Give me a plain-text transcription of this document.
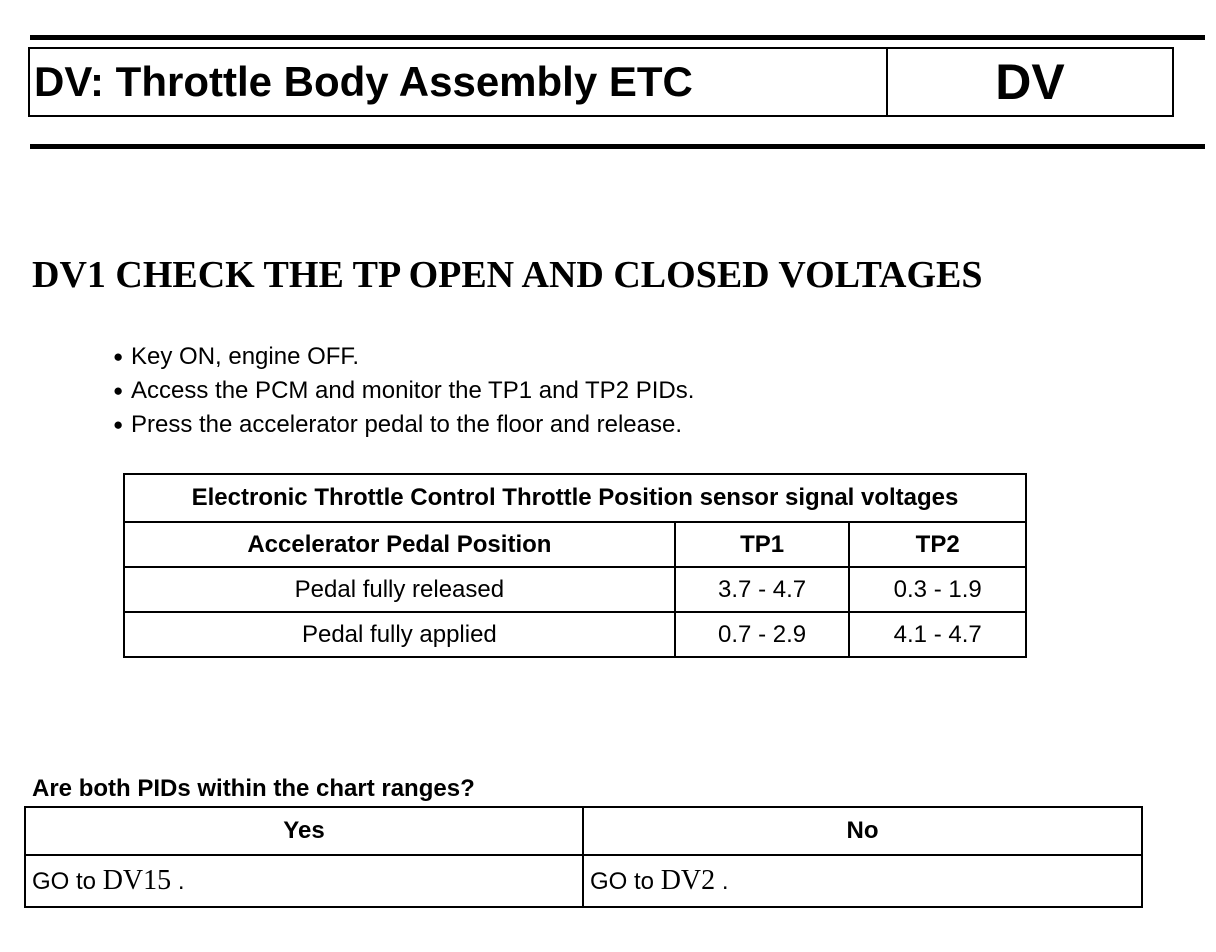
DV: Throttle Body Assembly ETC	DV
DV1 CHECK THE TP OPEN AND CLOSED VOLTAGES
● Key ON, engine OFF.
● Access the PCM and monitor the TP1 and TP2 PIDs.
● Press the accelerator pedal to the floor and release.
Electronic Throttle Control Throttle Position sensor signal voltages		
Accelerator Pedal Position	TP1	TP2
Pedal fully released	3.7 - 4.7	0.3 - 1.9
Pedal fully applied	0.7 - 2.9	4.1 - 4.7
Are both PIDs within the chart ranges?
Yes	No
GO to DV15 .	GO to DV2 .
